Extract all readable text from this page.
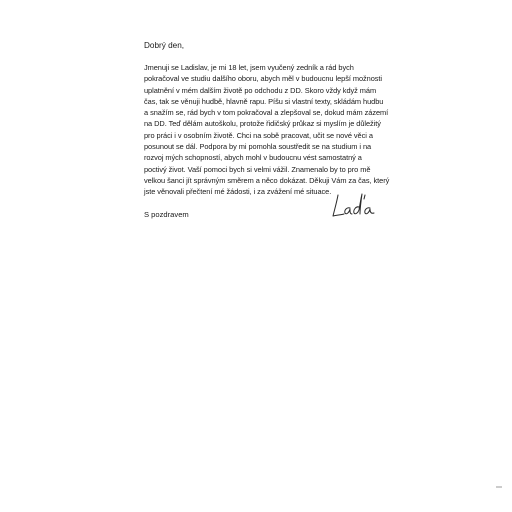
Dobrý den,

Jmenuji se Ladislav, je mi 18 let, jsem vyučený zedník a rád bych
pokračoval ve studiu dalšího oboru, abych měl v budoucnu lepší možnosti
uplatnění v mém dalším životě po odchodu z DD. Skoro vždy když mám
čas, tak se věnuji hudbě, hlavně rapu. Píšu si vlastní texty, skládám hudbu
a snažím se, rád bych v tom pokračoval a zlepšoval se, dokud mám zázemí
na DD. Teď dělám autoškolu, protože řidičský průkaz si myslím je důležitý
pro práci i v osobním životě. Chci na sobě pracovat, učit se nové věci a
posunout se dál. Podpora by mi pomohla soustředit se na studium i na
rozvoj mých schopností, abych mohl v budoucnu vést samostatný a
poctivý život. Vaší pomoci bych si velmi vážil. Znamenalo by to pro mě
velkou šanci jít správným směrem a něco dokázat. Děkuji Vám za čas, který
jste věnovali přečtení mé žádosti, i za zvážení mé situace.

S pozdravem
